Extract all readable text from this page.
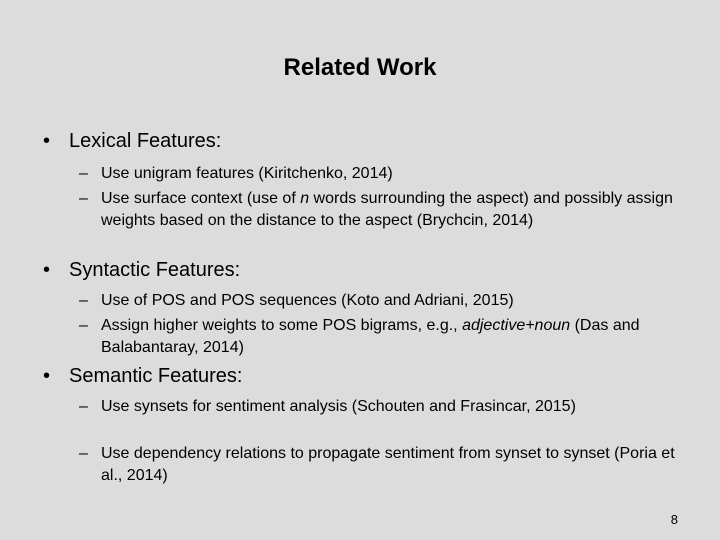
Related Work
• Lexical Features:
– Use unigram features (Kiritchenko, 2014)
– Use surface context (use of n words surrounding the aspect) and possibly assign weights based on the distance to the aspect (Brychcin, 2014)
• Syntactic Features:
– Use of POS and POS sequences (Koto and Adriani, 2015)
– Assign higher weights to some POS bigrams, e.g., adjective+noun (Das and Balabantaray, 2014)
• Semantic Features:
– Use synsets for sentiment analysis (Schouten and Frasincar, 2015)
– Use dependency relations to propagate sentiment from synset to synset (Poria et al., 2014)
8
